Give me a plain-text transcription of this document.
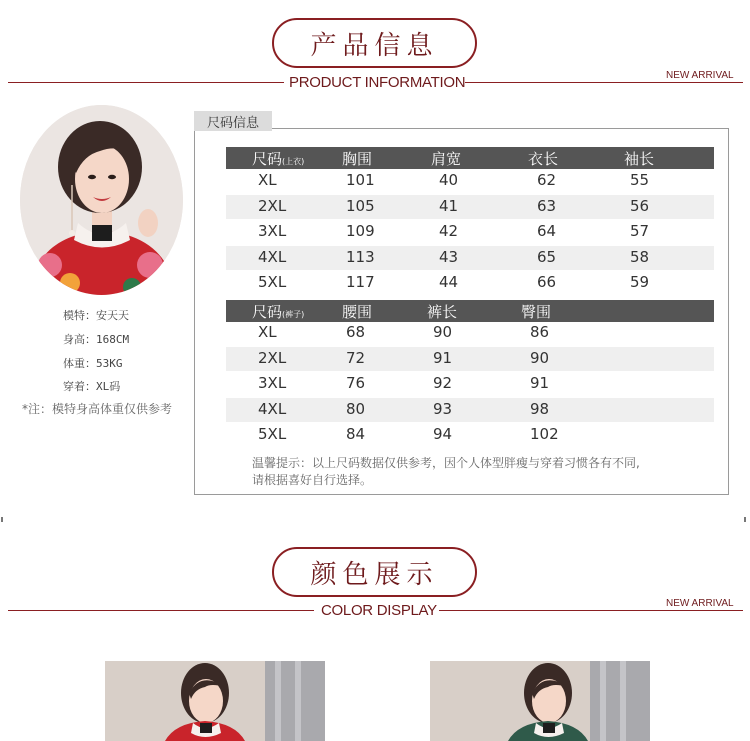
产品信息
PRODUCT INFORMATION	NEW ARRIVAL
模特：安天天
身高：168CM
体重：53KG
穿着：XL码
*注：模特身高体重仅供参考
尺码信息
尺码(上衣)	胸围	肩宽	衣长	袖长
XL	101	40	62	55
2XL	105	41	63	56
3XL	109	42	64	57
4XL	113	43	65	58
5XL	117	44	66	59
尺码(裤子)	腰围	裤长	臀围
XL	68	90	86
2XL	72	91	90
3XL	76	92	91
4XL	80	93	98
5XL	84	94	102
温馨提示：以上尺码数据仅供参考，因个人体型胖瘦与穿着习惯各有不同,
请根据喜好自行选择。
颜色展示
COLOR DISPLAY	NEW ARRIVAL
